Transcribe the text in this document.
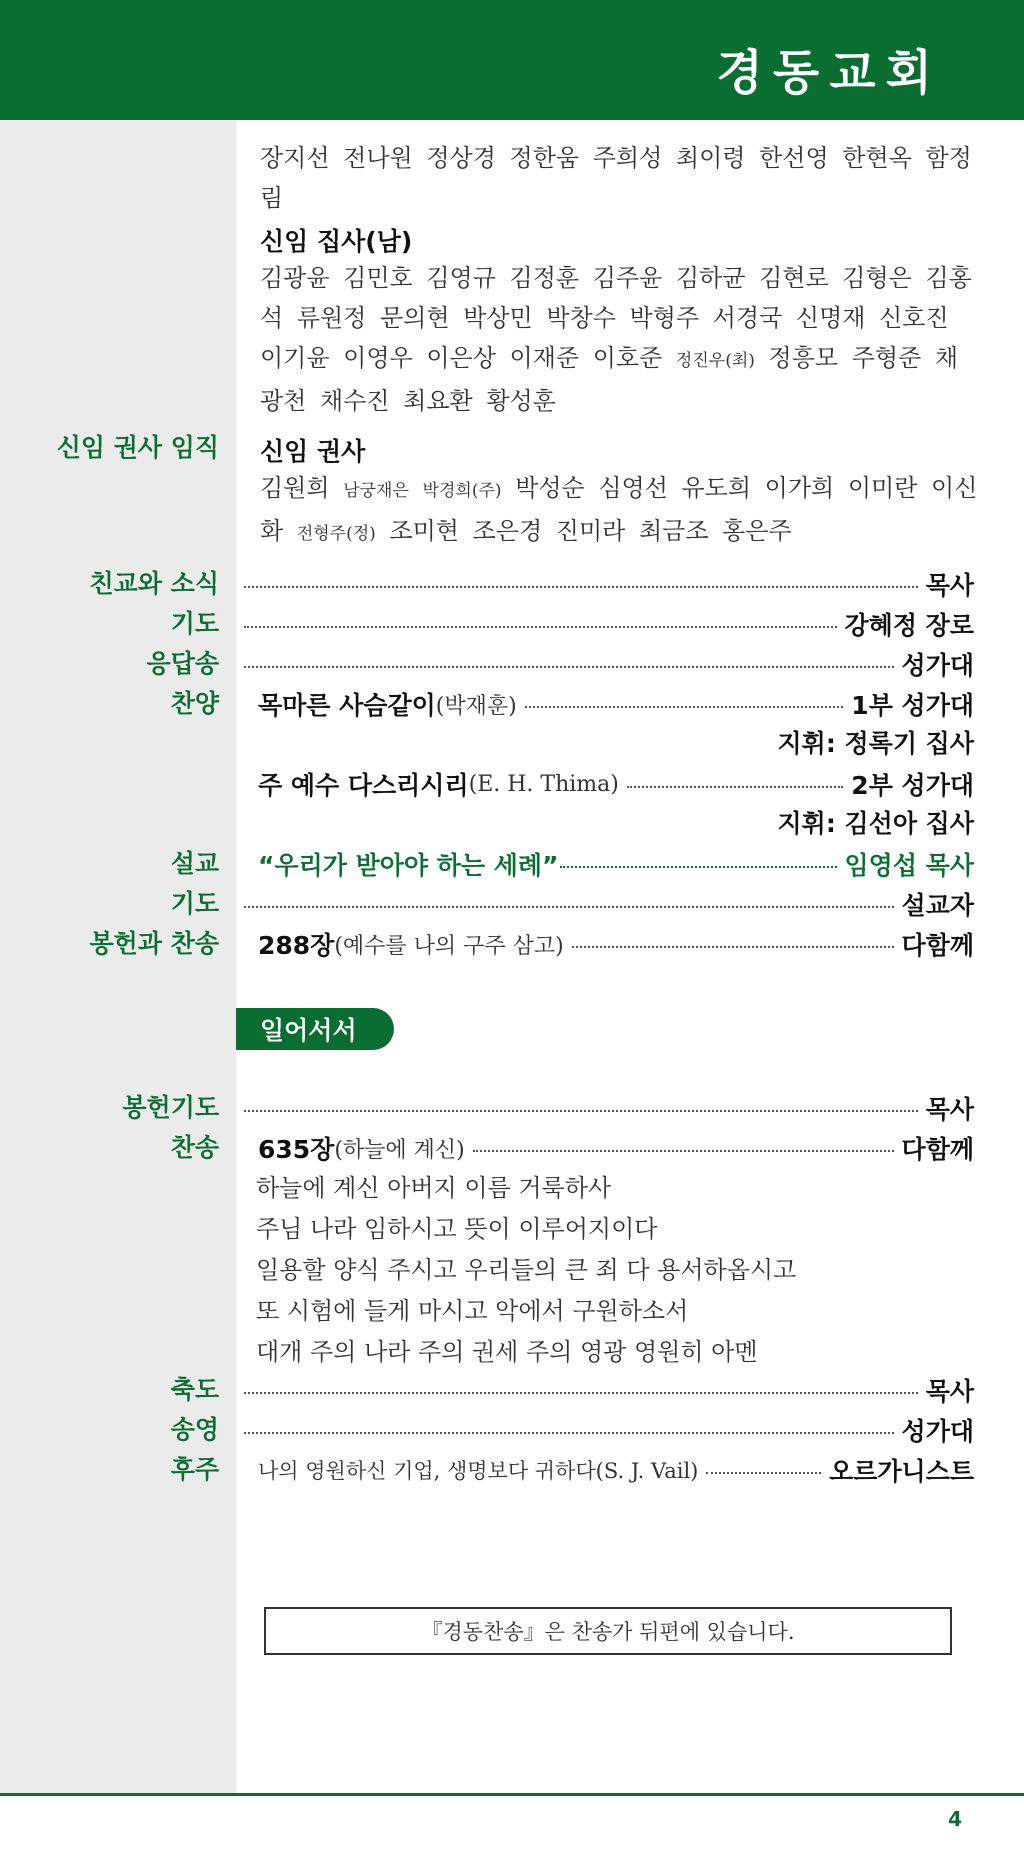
경동교회
장지선 전나원 정상경 정한움 주희성 최이령 한선영 한현옥 함정림
신임 집사(남)
김광윤 김민호 김영규 김정훈 김주윤 김하균 김현로 김형은 김홍석 류원정 문의현 박상민 박창수 박형주 서경국 신명재 신호진 이기윤 이영우 이은상 이재준 이호준 정진우(최) 정흥모 주형준 채광천 채수진 최요환 황성훈
신임 권사 임직 신임 권사
김원희 남궁재은 박경희(주) 박성순 심영선 유도희 이가희 이미란 이신화 전형주(정) 조미현 조은경 진미라 최금조 홍은주
친교와 소식	목사
기도	강혜정 장로
응답송	성가대
찬양 목마른 사슴같이 (박재훈)	1부 성가대
지휘: 정록기 집사
주 예수 다스리시리 (E. H. Thima)	2부 성가대
지휘: 김선아 집사
설교 “우리가 받아야 하는 세례”	임영섭 목사
기도	설교자
봉헌과 찬송 288장 (예수를 나의 구주 삼고)	다함께
일어서서
봉헌기도	목사
찬송 635장 (하늘에 계신)	다함께
하늘에 계신 아버지 이름 거룩하사
주님 나라 임하시고 뜻이 이루어지이다
일용할 양식 주시고 우리들의 큰 죄 다 용서하옵시고
또 시험에 들게 마시고 악에서 구원하소서
대개 주의 나라 주의 권세 주의 영광 영원히 아멘
축도	목사
송영	성가대
후주 나의 영원하신 기업, 생명보다 귀하다(S. J. Vail)	오르가니스트
『경동찬송』은 찬송가 뒤편에 있습니다.
4
